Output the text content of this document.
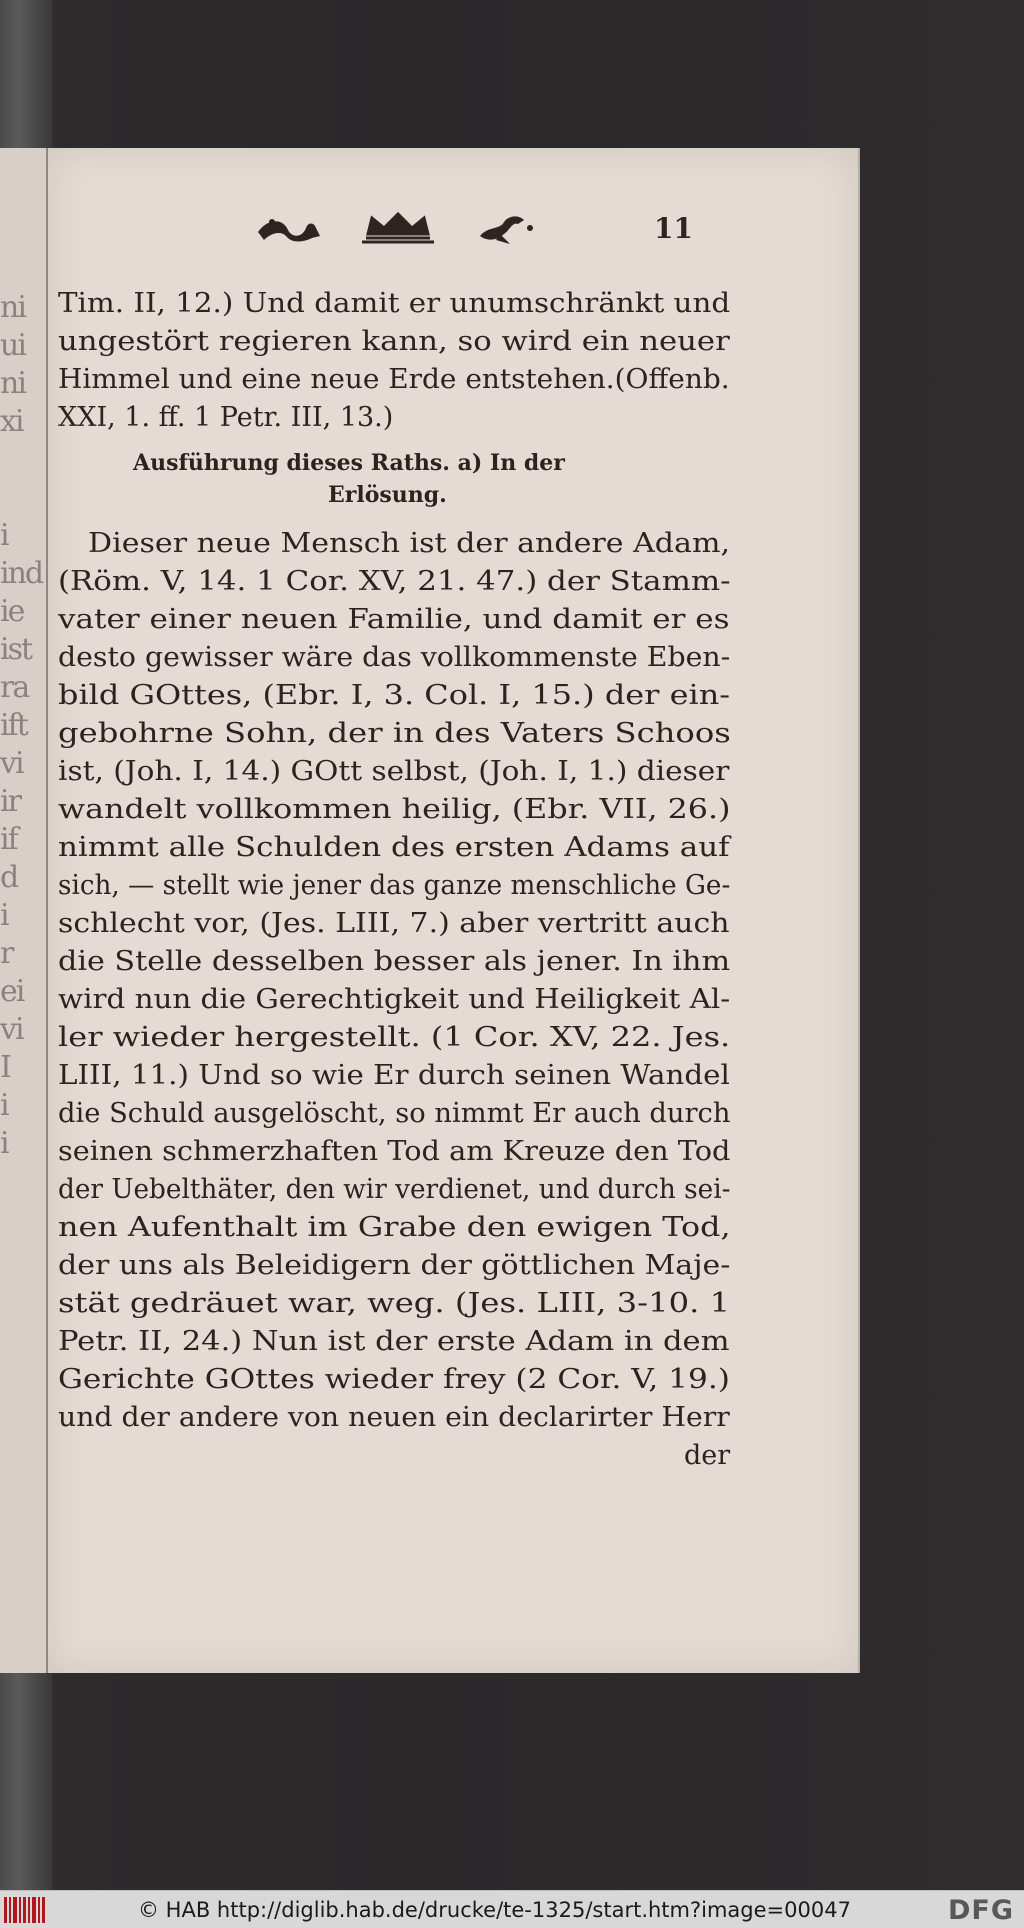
ni
ui
ni
xi
i
ind
ie
ist
ra
ift
vi
ir
if
d
i
r
ei
vi
I
i
i
11
Tim. II, 12.) Und damit er unumschränkt und
ungestört regieren kann, so wird ein neuer
Himmel und eine neue Erde entstehen.(Offenb.
XXI, 1. ff. 1 Petr. III, 13.)
Ausführung dieses Raths. a) In der
Erlösung.
Dieser neue Mensch ist der andere Adam,
(Röm. V, 14. 1 Cor. XV, 21. 47.) der Stamm-
vater einer neuen Familie, und damit er es
desto gewisser wäre das vollkommenste Eben-
bild GOttes, (Ebr. I, 3. Col. I, 15.) der ein-
gebohrne Sohn, der in des Vaters Schoos
ist, (Joh. I, 14.) GOtt selbst, (Joh. I, 1.) dieser
wandelt vollkommen heilig, (Ebr. VII, 26.)
nimmt alle Schulden des ersten Adams auf
sich, — stellt wie jener das ganze menschliche Ge-
schlecht vor, (Jes. LIII, 7.) aber vertritt auch
die Stelle desselben besser als jener. In ihm
wird nun die Gerechtigkeit und Heiligkeit Al-
ler wieder hergestellt. (1 Cor. XV, 22. Jes.
LIII, 11.) Und so wie Er durch seinen Wandel
die Schuld ausgelöscht, so nimmt Er auch durch
seinen schmerzhaften Tod am Kreuze den Tod
der Uebelthäter, den wir verdienet, und durch sei-
nen Aufenthalt im Grabe den ewigen Tod,
der uns als Beleidigern der göttlichen Maje-
stät gedräuet war, weg. (Jes. LIII, 3-10. 1
Petr. II, 24.) Nun ist der erste Adam in dem
Gerichte GOttes wieder frey (2 Cor. V, 19.)
und der andere von neuen ein declarirter Herr
der
© HAB http://diglib.hab.de/drucke/te-1325/start.htm?image=00047	DFG
